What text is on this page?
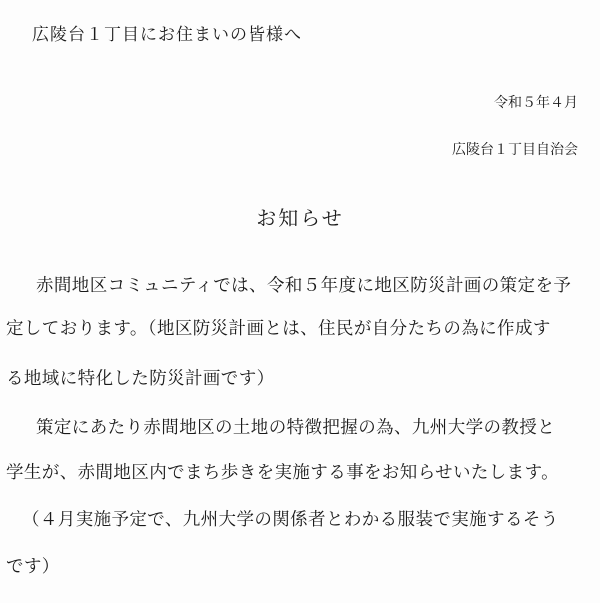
広陵台１丁目にお住まいの皆様へ
令和５年４月
広陵台１丁目自治会
お知らせ
赤間地区コミュニティでは、令和５年度に地区防災計画の策定を予
定しております。（地区防災計画とは、住民が自分たちの為に作成す
る地域に特化した防災計画です）
策定にあたり赤間地区の土地の特徴把握の為、九州大学の教授と
学生が、赤間地区内でまち歩きを実施する事をお知らせいたします。
（４月実施予定で、九州大学の関係者とわかる服装で実施するそう
です）
